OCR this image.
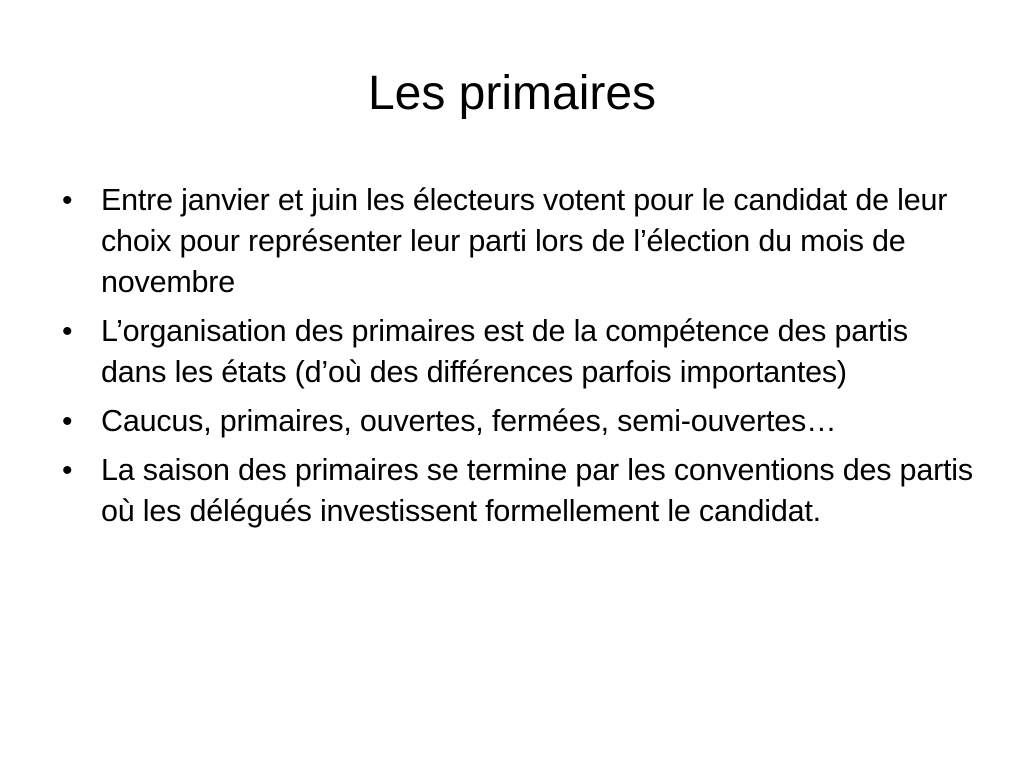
Les primaires
• Entre janvier et juin les électeurs votent pour le candidat de leur choix pour représenter leur parti lors de l’élection du mois de novembre
• L’organisation des primaires est de la compétence des partis dans les états (d’où des différences parfois importantes)
• Caucus, primaires, ouvertes, fermées, semi-ouvertes…
• La saison des primaires se termine par les conventions des partis où les délégués investissent formellement le candidat.
